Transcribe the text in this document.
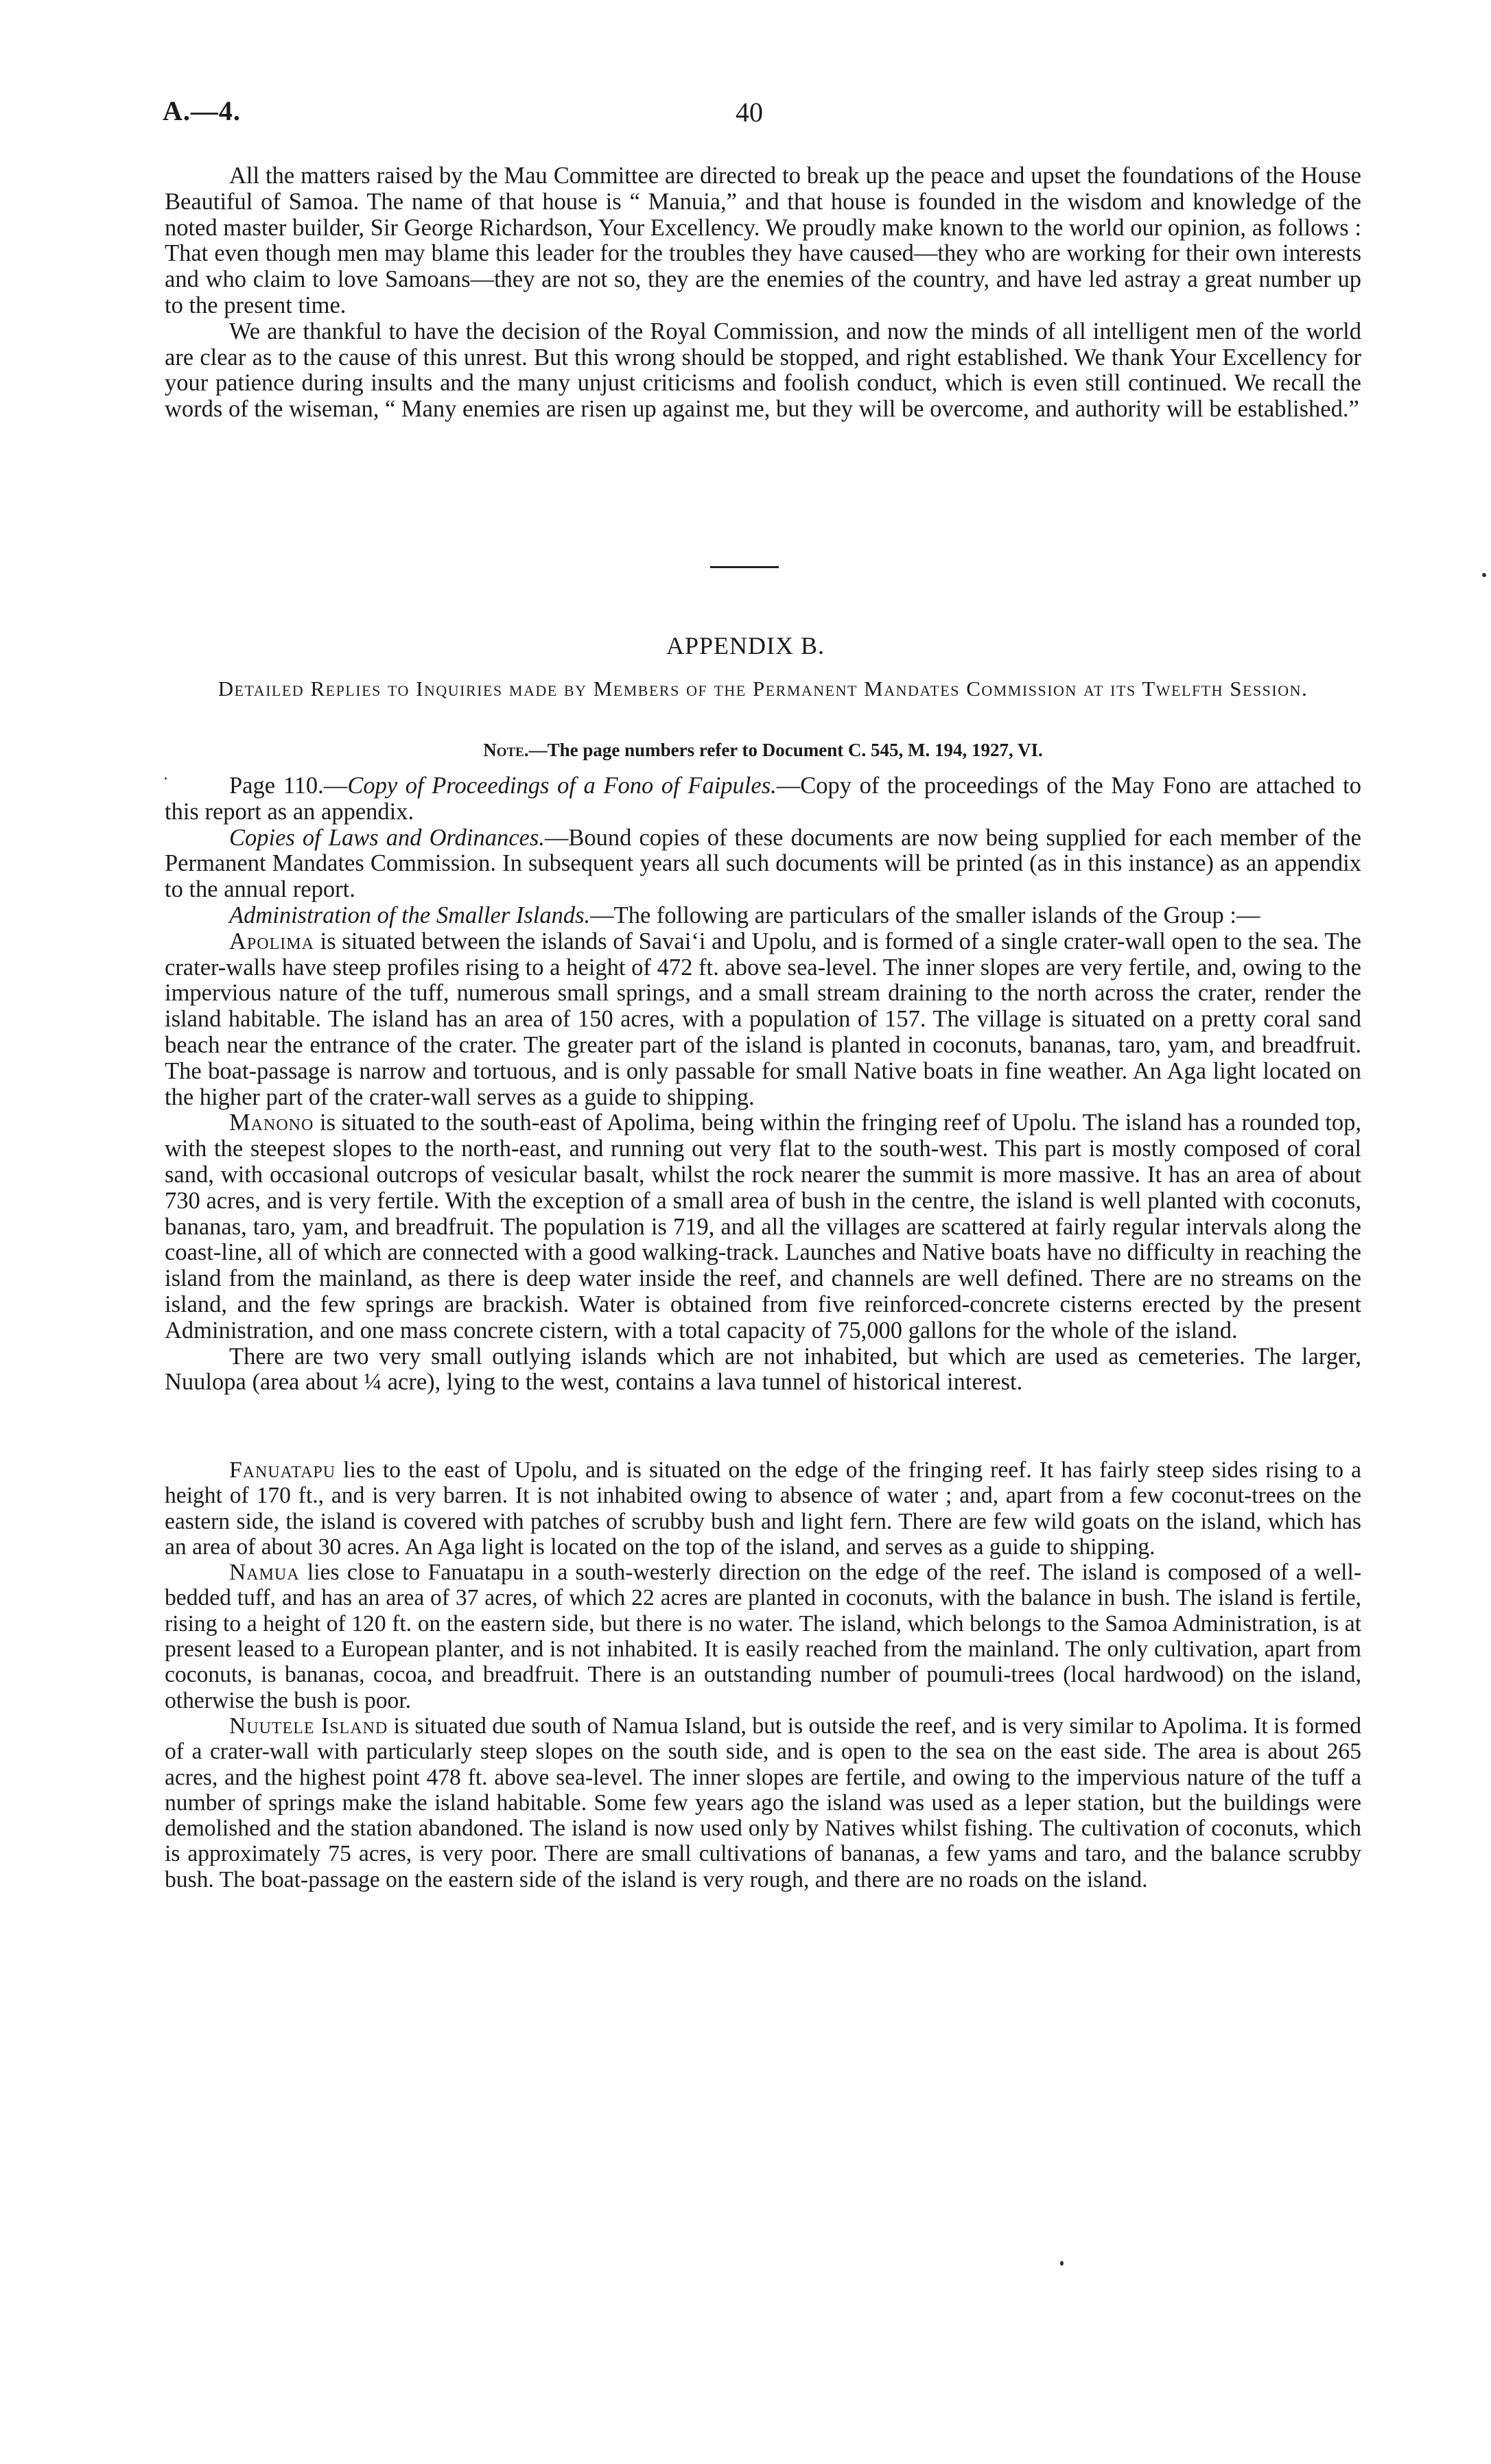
A.—4.	40

All the matters raised by the Mau Committee are directed to break up the peace and upset the foundations of the House Beautiful of Samoa. The name of that house is “ Manuia,” and that house is founded in the wisdom and knowledge of the noted master builder, Sir George Richardson, Your Excellency. We proudly make known to the world our opinion, as follows : That even though men may blame this leader for the troubles they have caused—they who are working for their own interests and who claim to love Samoans—they are not so, they are the enemies of the country, and have led astray a great number up to the present time.

We are thankful to have the decision of the Royal Commission, and now the minds of all intelligent men of the world are clear as to the cause of this unrest. But this wrong should be stopped, and right established. We thank Your Excellency for your patience during insults and the many unjust criticisms and foolish conduct, which is even still continued. We recall the words of the wiseman, “ Many enemies are risen up against me, but they will be overcome, and authority will be established.”

APPENDIX B.
Detailed Replies to Inquiries made by Members of the Permanent Mandates Commission at its Twelfth Session.
Note.—The page numbers refer to Document C. 545, M. 194, 1927, VI.

Page 110.—Copy of Proceedings of a Fono of Faipules.—Copy of the proceedings of the May Fono are attached to this report as an appendix.

Copies of Laws and Ordinances.—Bound copies of these documents are now being supplied for each member of the Permanent Mandates Commission. In subsequent years all such documents will be printed (as in this instance) as an appendix to the annual report.

Administration of the Smaller Islands.—The following are particulars of the smaller islands of the Group :—

Apolima is situated between the islands of Savai‘i and Upolu, and is formed of a single crater-wall open to the sea. The crater-walls have steep profiles rising to a height of 472 ft. above sea-level. The inner slopes are very fertile, and, owing to the impervious nature of the tuff, numerous small springs, and a small stream draining to the north across the crater, render the island habitable. The island has an area of 150 acres, with a population of 157. The village is situated on a pretty coral sand beach near the entrance of the crater. The greater part of the island is planted in coconuts, bananas, taro, yam, and breadfruit. The boat-passage is narrow and tortuous, and is only passable for small Native boats in fine weather. An Aga light located on the higher part of the crater-wall serves as a guide to shipping.

Manono is situated to the south-east of Apolima, being within the fringing reef of Upolu. The island has a rounded top, with the steepest slopes to the north-east, and running out very flat to the south-west. This part is mostly composed of coral sand, with occasional outcrops of vesicular basalt, whilst the rock nearer the summit is more massive. It has an area of about 730 acres, and is very fertile. With the exception of a small area of bush in the centre, the island is well planted with coconuts, bananas, taro, yam, and breadfruit. The population is 719, and all the villages are scattered at fairly regular intervals along the coast-line, all of which are connected with a good walking-track. Launches and Native boats have no difficulty in reaching the island from the mainland, as there is deep water inside the reef, and channels are well defined. There are no streams on the island, and the few springs are brackish. Water is obtained from five reinforced-concrete cisterns erected by the present Administration, and one mass concrete cistern, with a total capacity of 75,000 gallons for the whole of the island.

There are two very small outlying islands which are not inhabited, but which are used as cemeteries. The larger, Nuulopa (area about ¼ acre), lying to the west, contains a lava tunnel of historical interest.

Fanuatapu lies to the east of Upolu, and is situated on the edge of the fringing reef. It has fairly steep sides rising to a height of 170 ft., and is very barren. It is not inhabited owing to absence of water ; and, apart from a few coconut-trees on the eastern side, the island is covered with patches of scrubby bush and light fern. There are few wild goats on the island, which has an area of about 30 acres. An Aga light is located on the top of the island, and serves as a guide to shipping.

Namua lies close to Fanuatapu in a south-westerly direction on the edge of the reef. The island is composed of a well-bedded tuff, and has an area of 37 acres, of which 22 acres are planted in coconuts, with the balance in bush. The island is fertile, rising to a height of 120 ft. on the eastern side, but there is no water. The island, which belongs to the Samoa Administration, is at present leased to a European planter, and is not inhabited. It is easily reached from the mainland. The only cultivation, apart from coconuts, is bananas, cocoa, and breadfruit. There is an outstanding number of poumuli-trees (local hardwood) on the island, otherwise the bush is poor.

Nuutele Island is situated due south of Namua Island, but is outside the reef, and is very similar to Apolima. It is formed of a crater-wall with particularly steep slopes on the south side, and is open to the sea on the east side. The area is about 265 acres, and the highest point 478 ft. above sea-level. The inner slopes are fertile, and owing to the impervious nature of the tuff a number of springs make the island habitable. Some few years ago the island was used as a leper station, but the buildings were demolished and the station abandoned. The island is now used only by Natives whilst fishing. The cultivation of coconuts, which is approximately 75 acres, is very poor. There are small cultivations of bananas, a few yams and taro, and the balance scrubby bush. The boat-passage on the eastern side of the island is very rough, and there are no roads on the island.
